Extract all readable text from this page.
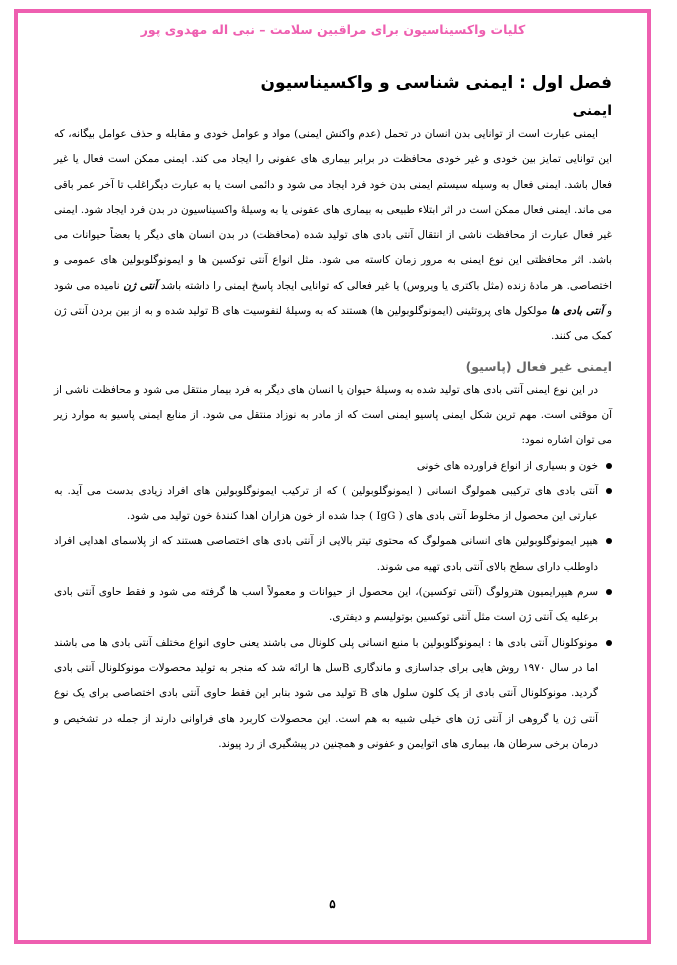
کلیات واکسیناسیون برای مراقبین سلامت – نبی اله مهدوی پور
فصل اول : ایمنی شناسی و واکسیناسیون
ایمنی

ایمنی عبارت است از توانایی بدن انسان در تحمل (عدم واکنش ایمنی) مواد و عوامل خودی و مقابله و حذف عوامل بیگانه، که این توانایی تمایز بین خودی و غیر خودی محافظت در برابر بیماری های عفونی را ایجاد می کند. ایمنی ممکن است فعال یا غیر فعال باشد. ایمنی فعال به وسیله سیستم ایمنی بدن خود فرد ایجاد می شود و دائمی است یا به عبارت دیگراغلب تا آخر عمر باقی می ماند. ایمنی فعال ممکن است در اثر ابتلاء طبیعی به بیماری های عفونی یا به وسیلهٔ واکسیناسیون در بدن فرد ایجاد شود. ایمنی غیر فعال عبارت از محافظت ناشی از انتقال آنتی بادی های تولید شده (محافظت) در بدن انسان های دیگر یا بعضاً حیوانات می باشد. اثر محافظتی این نوع ایمنی به مرور زمان کاسته می شود. مثل انواع آنتی توکسین ها و ایمونوگلوبولین های عمومی و اختصاصی. هر مادهٔ زنده (مثل باکتری یا ویروس) یا غیر فعالی که توانایی ایجاد پاسخ ایمنی را داشته باشد آنتی ژن نامیده می شود و آنتی بادی ها مولکول های پروتئینی (ایمونوگلوبولین ها) هستند که به وسیلهٔ لنفوسیت های B تولید شده و به از بین بردن آنتی ژن کمک می کنند.

ایمنی غیر فعال (پاسیو)

در این نوع ایمنی آنتی بادی های تولید شده به وسیلهٔ حیوان یا انسان های دیگر به فرد بیمار منتقل می شود و محافظت ناشی از آن موقتی است. مهم ترین شکل ایمنی پاسیو ایمنی است که از مادر به نوزاد منتقل می شود. از منابع ایمنی پاسیو به موارد زیر می توان اشاره نمود:

خون و بسیاری از انواع فراورده های خونی
آنتی بادی های ترکیبی همولوگ انسانی ( ایمونوگلوبولین ) که از ترکیب ایمونوگلوبولین های افراد زیادی بدست می آید. به عبارتی این محصول از مخلوط آنتی بادی های ( IgG ) جدا شده از خون هزاران اهدا کنندهٔ خون تولید می شود.
هیپر ایمونوگلوبولین های انسانی همولوگ که محتوی تیتر بالایی از آنتی بادی های اختصاصی هستند که از پلاسمای اهدایی افراد داوطلب دارای سطح بالای آنتی بادی تهیه می شوند.
سرم هیپرایمیون هترولوگ (آنتی توکسین)، این محصول از حیوانات و معمولاً اسب ها گرفته می شود و فقط حاوی آنتی بادی برعلیه یک آنتی ژن است مثل آنتی توکسین بوتولیسم و دیفتری.
مونوکلونال آنتی بادی ها : ایمونوگلوبولین با منبع انسانی پلی کلونال می باشند یعنی حاوی انواع مختلف آنتی بادی ها می باشند اما در سال ۱۹۷۰ روش هایی برای جداسازی و ماندگاری Bسل ها ارائه شد که منجر به تولید محصولات مونوکلونال آنتی بادی گردید. مونوکلونال آنتی بادی از یک کلون سلول های B تولید می شود بنابر این فقط حاوی آنتی بادی اختصاصی برای یک نوع آنتی ژن یا گروهی از آنتی ژن های خیلی شبیه به هم است. این محصولات کاربرد های فراوانی دارند از جمله در تشخیص و درمان برخی سرطان ها، بیماری های اتوایمن و عفونی و همچنین در پیشگیری از رد پیوند.
۵
